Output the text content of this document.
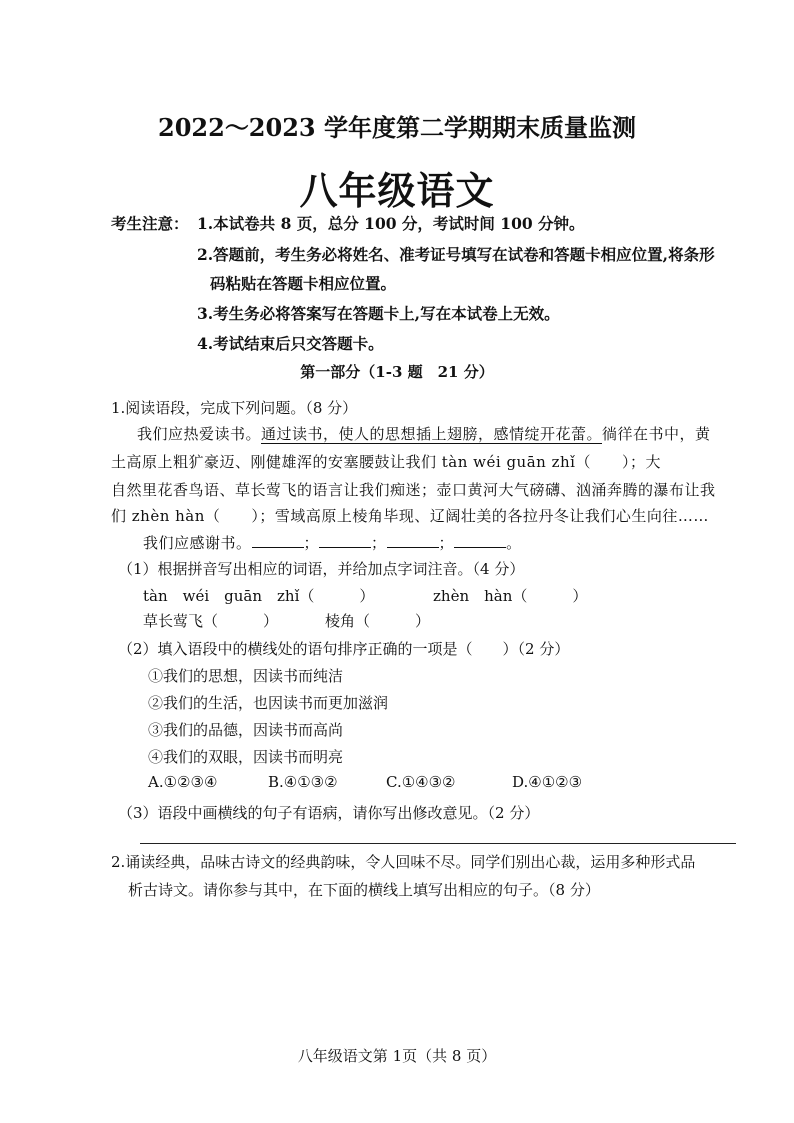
2022～2023 学年度第二学期期末质量监测
八年级语文
考生注意： 1.本试卷共 8 页，总分 100 分，考试时间 100 分钟。
2.答题前，考生务必将姓名、准考证号填写在试卷和答题卡相应位置,将条形
码粘贴在答题卡相应位置。
3.考生务必将答案写在答题卡上,写在本试卷上无效。
4.考试结束后只交答题卡。
第一部分（1-3 题　21 分）
1.阅读语段，完成下列问题。（8 分）
我们应热爱读书。通过读书，使人的思想插上翅膀，感情绽开花蕾。徜徉在书中，黄
土高原上粗犷豪迈、刚健雄浑的安塞腰鼓让我们 tàn wéi guān zhǐ（　　）；大
自然里花香鸟语、草长莺飞的语言让我们痴迷；壶口黄河大气磅礴、汹涌奔腾的瀑布让我
们 zhèn hàn（　　）；雪域高原上棱角毕现、辽阔壮美的各拉丹冬让我们心生向往……
我们应感谢书。	；	；	；	。
（1）根据拼音写出相应的词语，并给加点字词注音。（4 分）
tàn　wéi　guān　zhǐ（　　　）	zhèn　hàn（　　　）
草长莺飞（　　　）	棱角（　　　）
（2）填入语段中的横线处的语句排序正确的一项是（　　）（2 分）
①我们的思想，因读书而纯洁
②我们的生活，也因读书而更加滋润
③我们的品德，因读书而高尚
④我们的双眼，因读书而明亮
A.①②③④	B.④①③②	C.①④③②	D.④①②③
（3）语段中画横线的句子有语病，请你写出修改意见。（2 分）
2.诵读经典，品味古诗文的经典韵味，令人回味不尽。同学们别出心裁，运用多种形式品
析古诗文。请你参与其中，在下面的横线上填写出相应的句子。（8 分）
八年级语文第 1页（共 8 页）
